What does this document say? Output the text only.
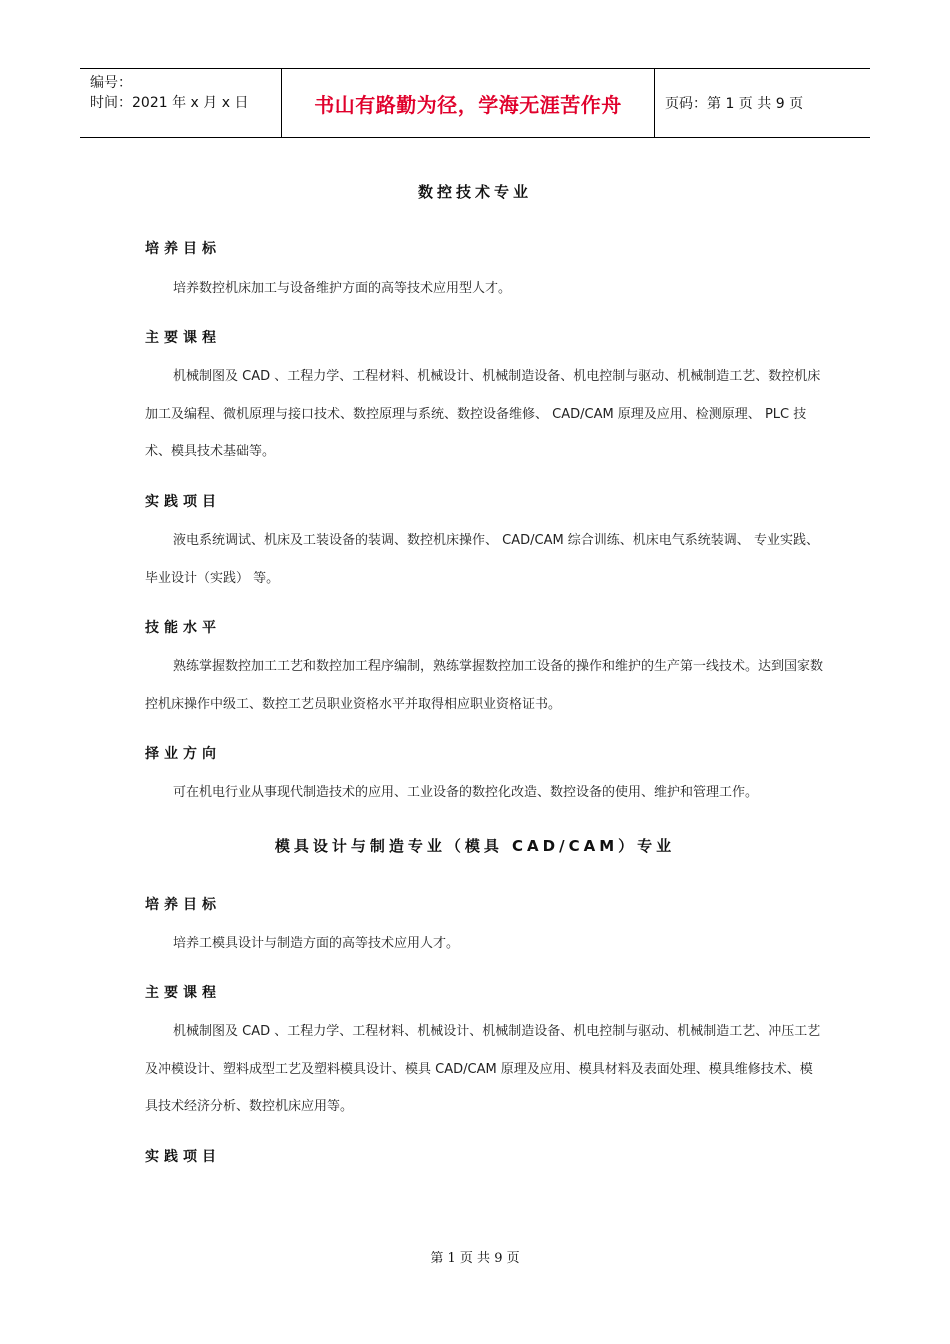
编号：
时间：2021 年 x 月 x 日	书山有路勤为径，学海无涯苦作舟	页码：第 1 页 共 9 页
数控技术专业
培养目标
培养数控机床加工与设备维护方面的高等技术应用型人才。
主要课程
机械制图及 CAD 、工程力学、工程材料、机械设计、机械制造设备、机电控制与驱动、机械制造工艺、数控机床加工及编程、微机原理与接口技术、数控原理与系统、数控设备维修、 CAD/CAM 原理及应用、检测原理、 PLC 技术、模具技术基础等。
实践项目
液电系统调试、机床及工装设备的装调、数控机床操作、 CAD/CAM 综合训练、机床电气系统装调、 专业实践、毕业设计（实践） 等。
技能水平
熟练掌握数控加工工艺和数控加工程序编制，熟练掌握数控加工设备的操作和维护的生产第一线技术。达到国家数控机床操作中级工、数控工艺员职业资格水平并取得相应职业资格证书。
择业方向
可在机电行业从事现代制造技术的应用、工业设备的数控化改造、数控设备的使用、维护和管理工作。
模具设计与制造专业（模具 CAD/CAM）专业
培养目标
培养工模具设计与制造方面的高等技术应用人才。
主要课程
机械制图及 CAD 、工程力学、工程材料、机械设计、机械制造设备、机电控制与驱动、机械制造工艺、冲压工艺及冲模设计、塑料成型工艺及塑料模具设计、模具 CAD/CAM 原理及应用、模具材料及表面处理、模具维修技术、模具技术经济分析、数控机床应用等。
实践项目
第 1 页 共 9 页
